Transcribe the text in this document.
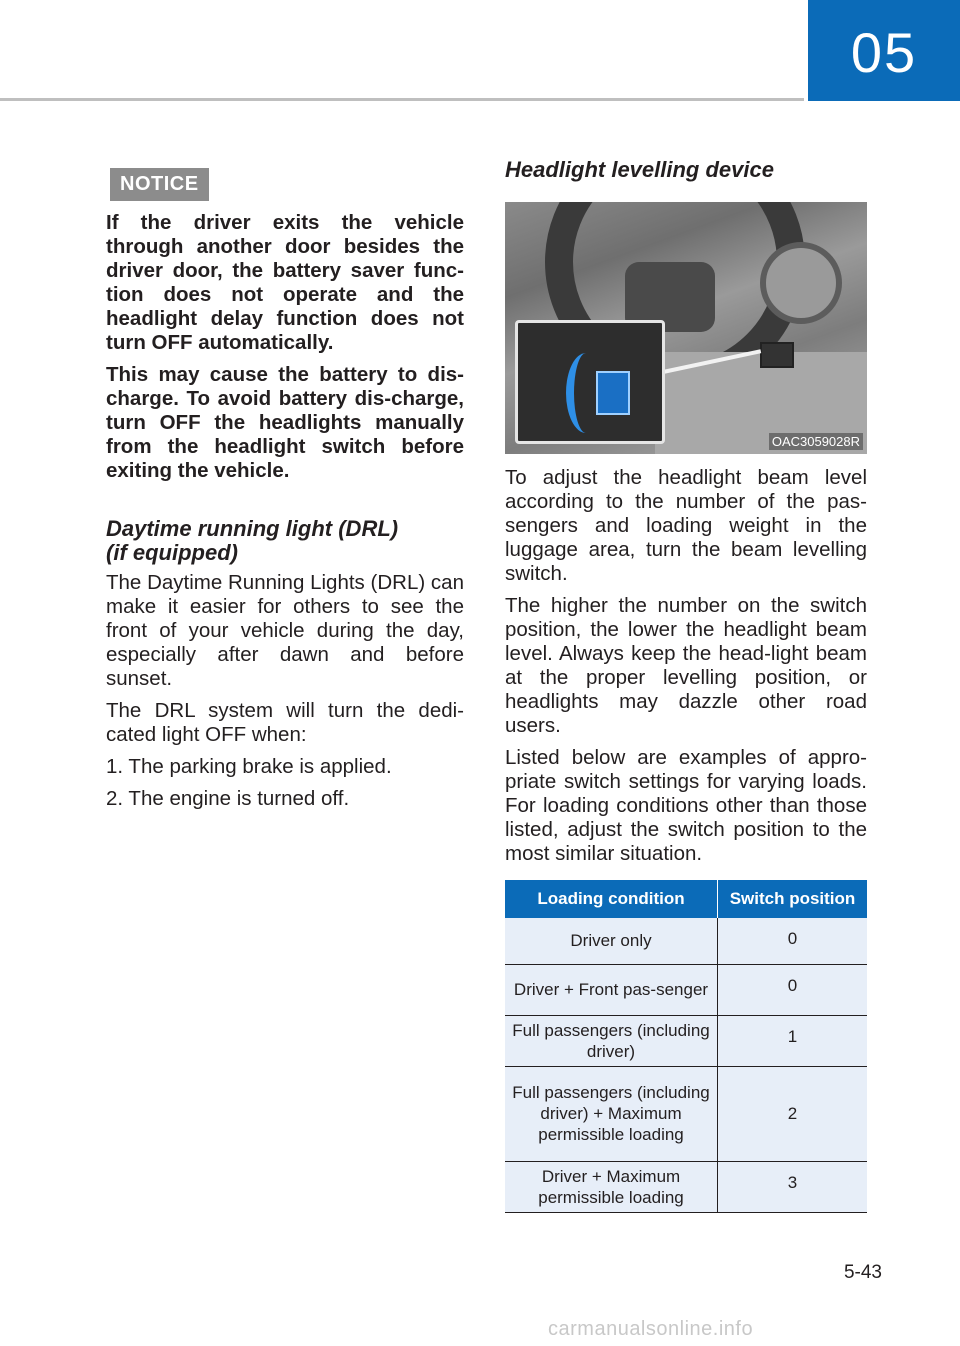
05
NOTICE

If the driver exits the vehicle through another door besides the driver door, the battery saver func-tion does not operate and the headlight delay function does not turn OFF automatically.

This may cause the battery to dis-charge. To avoid battery dis-charge, turn OFF the headlights manually from the headlight switch before exiting the vehicle.

Daytime running light (DRL)
(if equipped)

The Daytime Running Lights (DRL) can make it easier for others to see the front of your vehicle during the day, especially after dawn and before sunset.

The DRL system will turn the dedi-cated light OFF when:

1. The parking brake is applied.

2. The engine is turned off.

Headlight levelling device
OAC3059028R

To adjust the headlight beam level according to the number of the pas-sengers and loading weight in the luggage area, turn the beam levelling switch.

The higher the number on the switch position, the lower the headlight beam level. Always keep the head-light beam at the proper levelling position, or headlights may dazzle other road users.

Listed below are examples of appro-priate switch settings for varying loads. For loading conditions other than those listed, adjust the switch position to the most similar situation.

Loading condition	Switch position
Driver only	0
Driver + Front pas-senger	0
Full passengers (including driver)	1
Full passengers (including driver) + Maximum permissible loading	2
Driver + Maximum permissible loading	3
5-43
carmanualsonline.info
